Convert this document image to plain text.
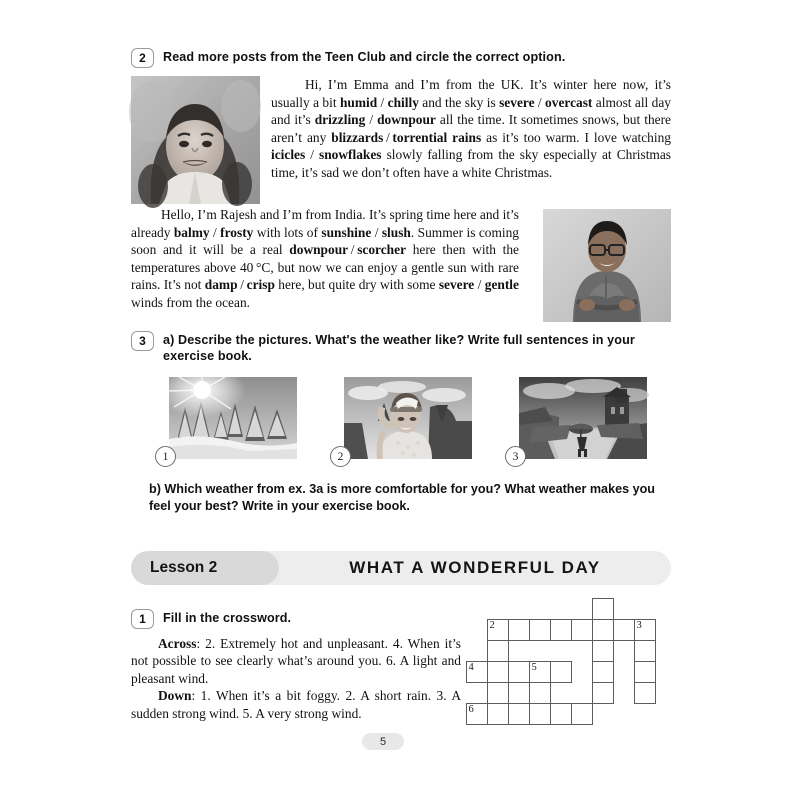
2	Read more posts from the Teen Club and circle the correct option.

Hi, I’m Emma and I’m from the UK. It’s winter here now, it’s usually a bit humid / chilly and the sky is severe / overcast almost all day and it’s drizzling / downpour all the time. It sometimes snows, but there aren’t any blizzards / torrential rains as it’s too warm. I love watching icicles / snowflakes slowly falling from the sky especially at Christmas time, it’s sad we don’t often have a white Christmas.

Hello, I’m Rajesh and I’m from India. It’s spring time here and it’s already balmy / frosty with lots of sunshine / slush. Summer is coming soon and it will be a real downpour / scorcher here then with the temperatures above 40 °C, but now we can enjoy a gentle sun with rare rains. It’s not damp / crisp here, but quite dry with some severe / gentle winds from the ocean.

3	a) Describe the pictures. What's the weather like? Write full sentences in your exercise book.
1	2	3
b) Which weather from ex. 3a is more comfortable for you? What weather makes you feel your best? Write in your exercise book.
WHAT A WONDERFUL DAY
Lesson 2
1	Fill in the crossword.

Across: 2. Extremely hot and unpleasant. 4. When it’s not possible to see clearly what’s around you. 6. A light and pleasant wind.

Down: 1. When it’s a bit foggy. 2. A short rain. 3. A sudden strong wind. 5. A very strong wind.

2	3
4	5
6
5
